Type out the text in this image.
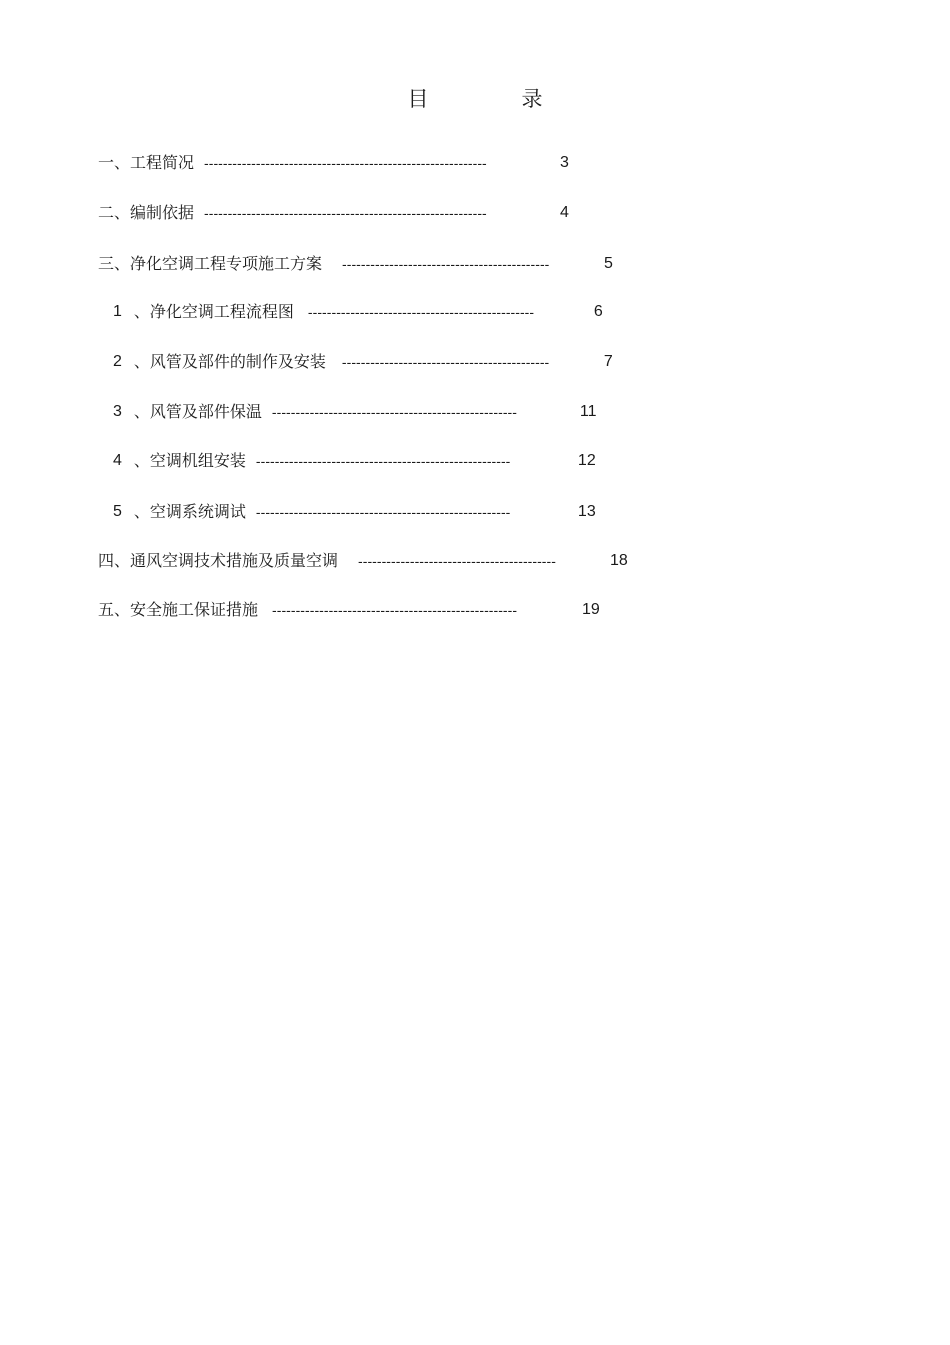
目　录
一、 工程简况 ------------------------------------------------------------	3
二、 编制依据 ------------------------------------------------------------	4
三、 净化空调工程专项施工方案 --------------------------------------------	5
1 、净化空调工程流程图 ------------------------------------------------	6
2 、风管及部件的制作及安装 --------------------------------------------	7
3 、风管及部件保温 ----------------------------------------------------	11
4 、空调机组安装 ------------------------------------------------------	12
5 、空调系统调试 ------------------------------------------------------	13
四、 通风空调技术措施及质量空调 ------------------------------------------	18
五、 安全施工保证措施 ----------------------------------------------------	19
